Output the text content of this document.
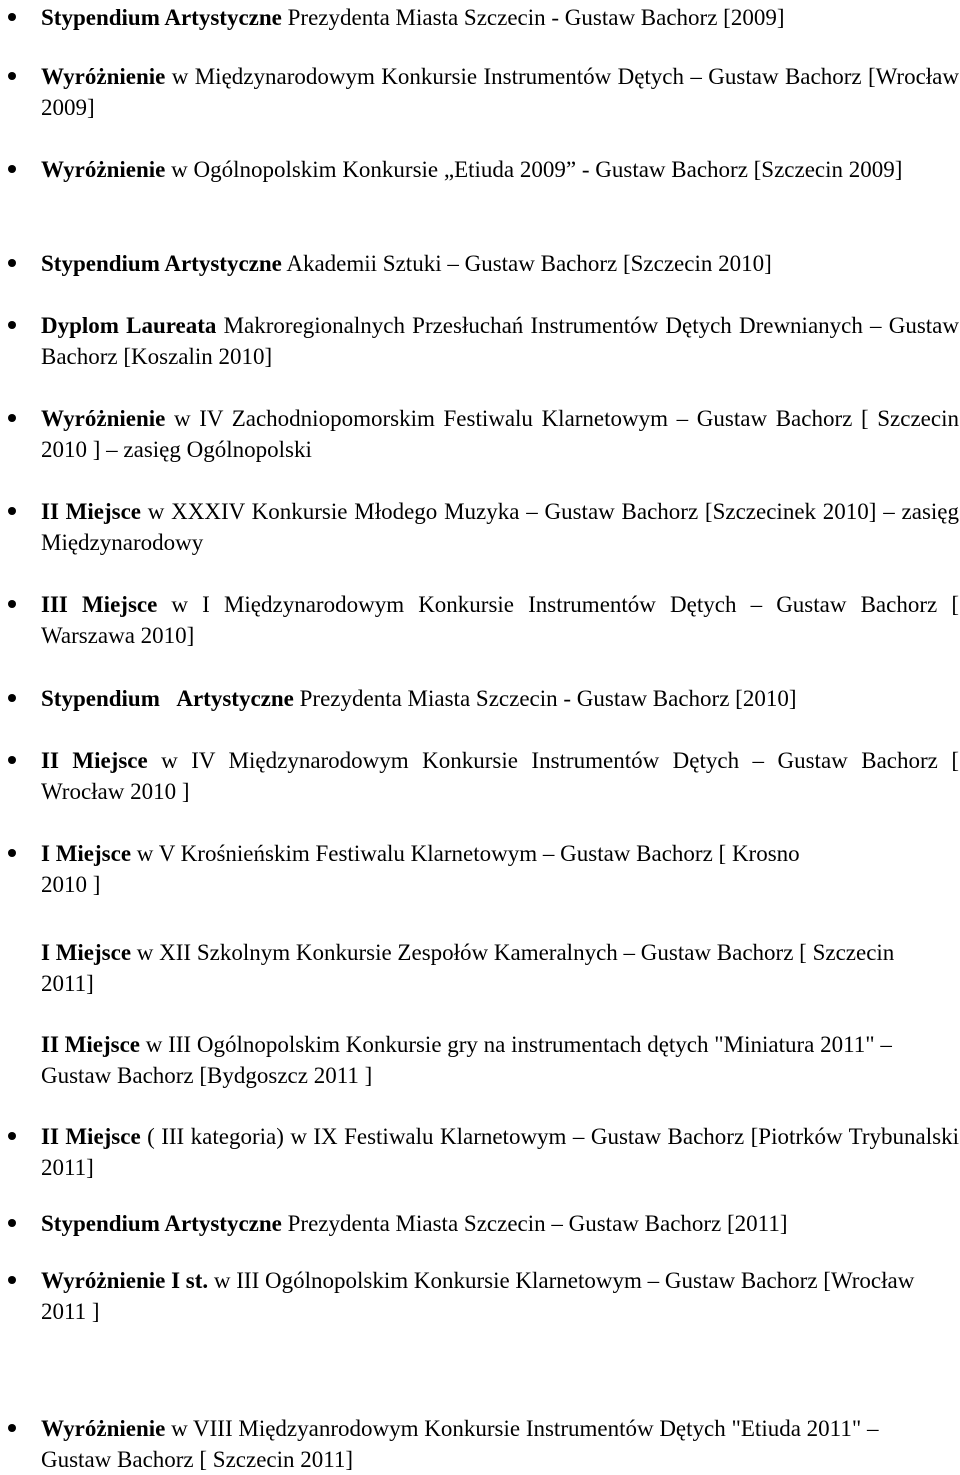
Stypendium Artystyczne Prezydenta Miasta Szczecin - Gustaw Bachorz [2009]
Wyróżnienie w Międzynarodowym Konkursie Instrumentów Dętych – Gustaw Bachorz [Wrocław 2009]
Wyróżnienie w Ogólnopolskim Konkursie „Etiuda 2009” - Gustaw Bachorz [Szczecin 2009]
Stypendium Artystyczne Akademii Sztuki – Gustaw Bachorz [Szczecin 2010]
Dyplom Laureata Makroregionalnych Przesłuchań Instrumentów Dętych Drewnianych – Gustaw Bachorz [Koszalin 2010]
Wyróżnienie w IV Zachodniopomorskim Festiwalu Klarnetowym – Gustaw Bachorz [ Szczecin 2010 ] – zasięg Ogólnopolski
II Miejsce w XXXIV Konkursie Młodego Muzyka – Gustaw Bachorz [Szczecinek 2010] – zasięg Międzynarodowy
III Miejsce w I Międzynarodowym Konkursie Instrumentów Dętych – Gustaw Bachorz [ Warszawa 2010]
Stypendium Artystyczne Prezydenta Miasta Szczecin - Gustaw Bachorz [2010]
II Miejsce w IV Międzynarodowym Konkursie Instrumentów Dętych – Gustaw Bachorz [ Wrocław 2010 ]
I Miejsce w V Krośnieńskim Festiwalu Klarnetowym – Gustaw Bachorz [ Krosno 2010 ]
I Miejsce w XII Szkolnym Konkursie Zespołów Kameralnych – Gustaw Bachorz [ Szczecin 2011]
II Miejsce w III Ogólnopolskim Konkursie gry na instrumentach dętych "Miniatura 2011" – Gustaw Bachorz [Bydgoszcz 2011 ]
II Miejsce ( III kategoria) w IX Festiwalu Klarnetowym – Gustaw Bachorz [Piotrków Trybunalski 2011]
Stypendium Artystyczne Prezydenta Miasta Szczecin – Gustaw Bachorz [2011]
Wyróżnienie I st. w III Ogólnopolskim Konkursie Klarnetowym – Gustaw Bachorz [Wrocław 2011 ]
Wyróżnienie w VIII Międzyanrodowym Konkursie Instrumentów Dętych "Etiuda 2011" – Gustaw Bachorz [ Szczecin 2011]
